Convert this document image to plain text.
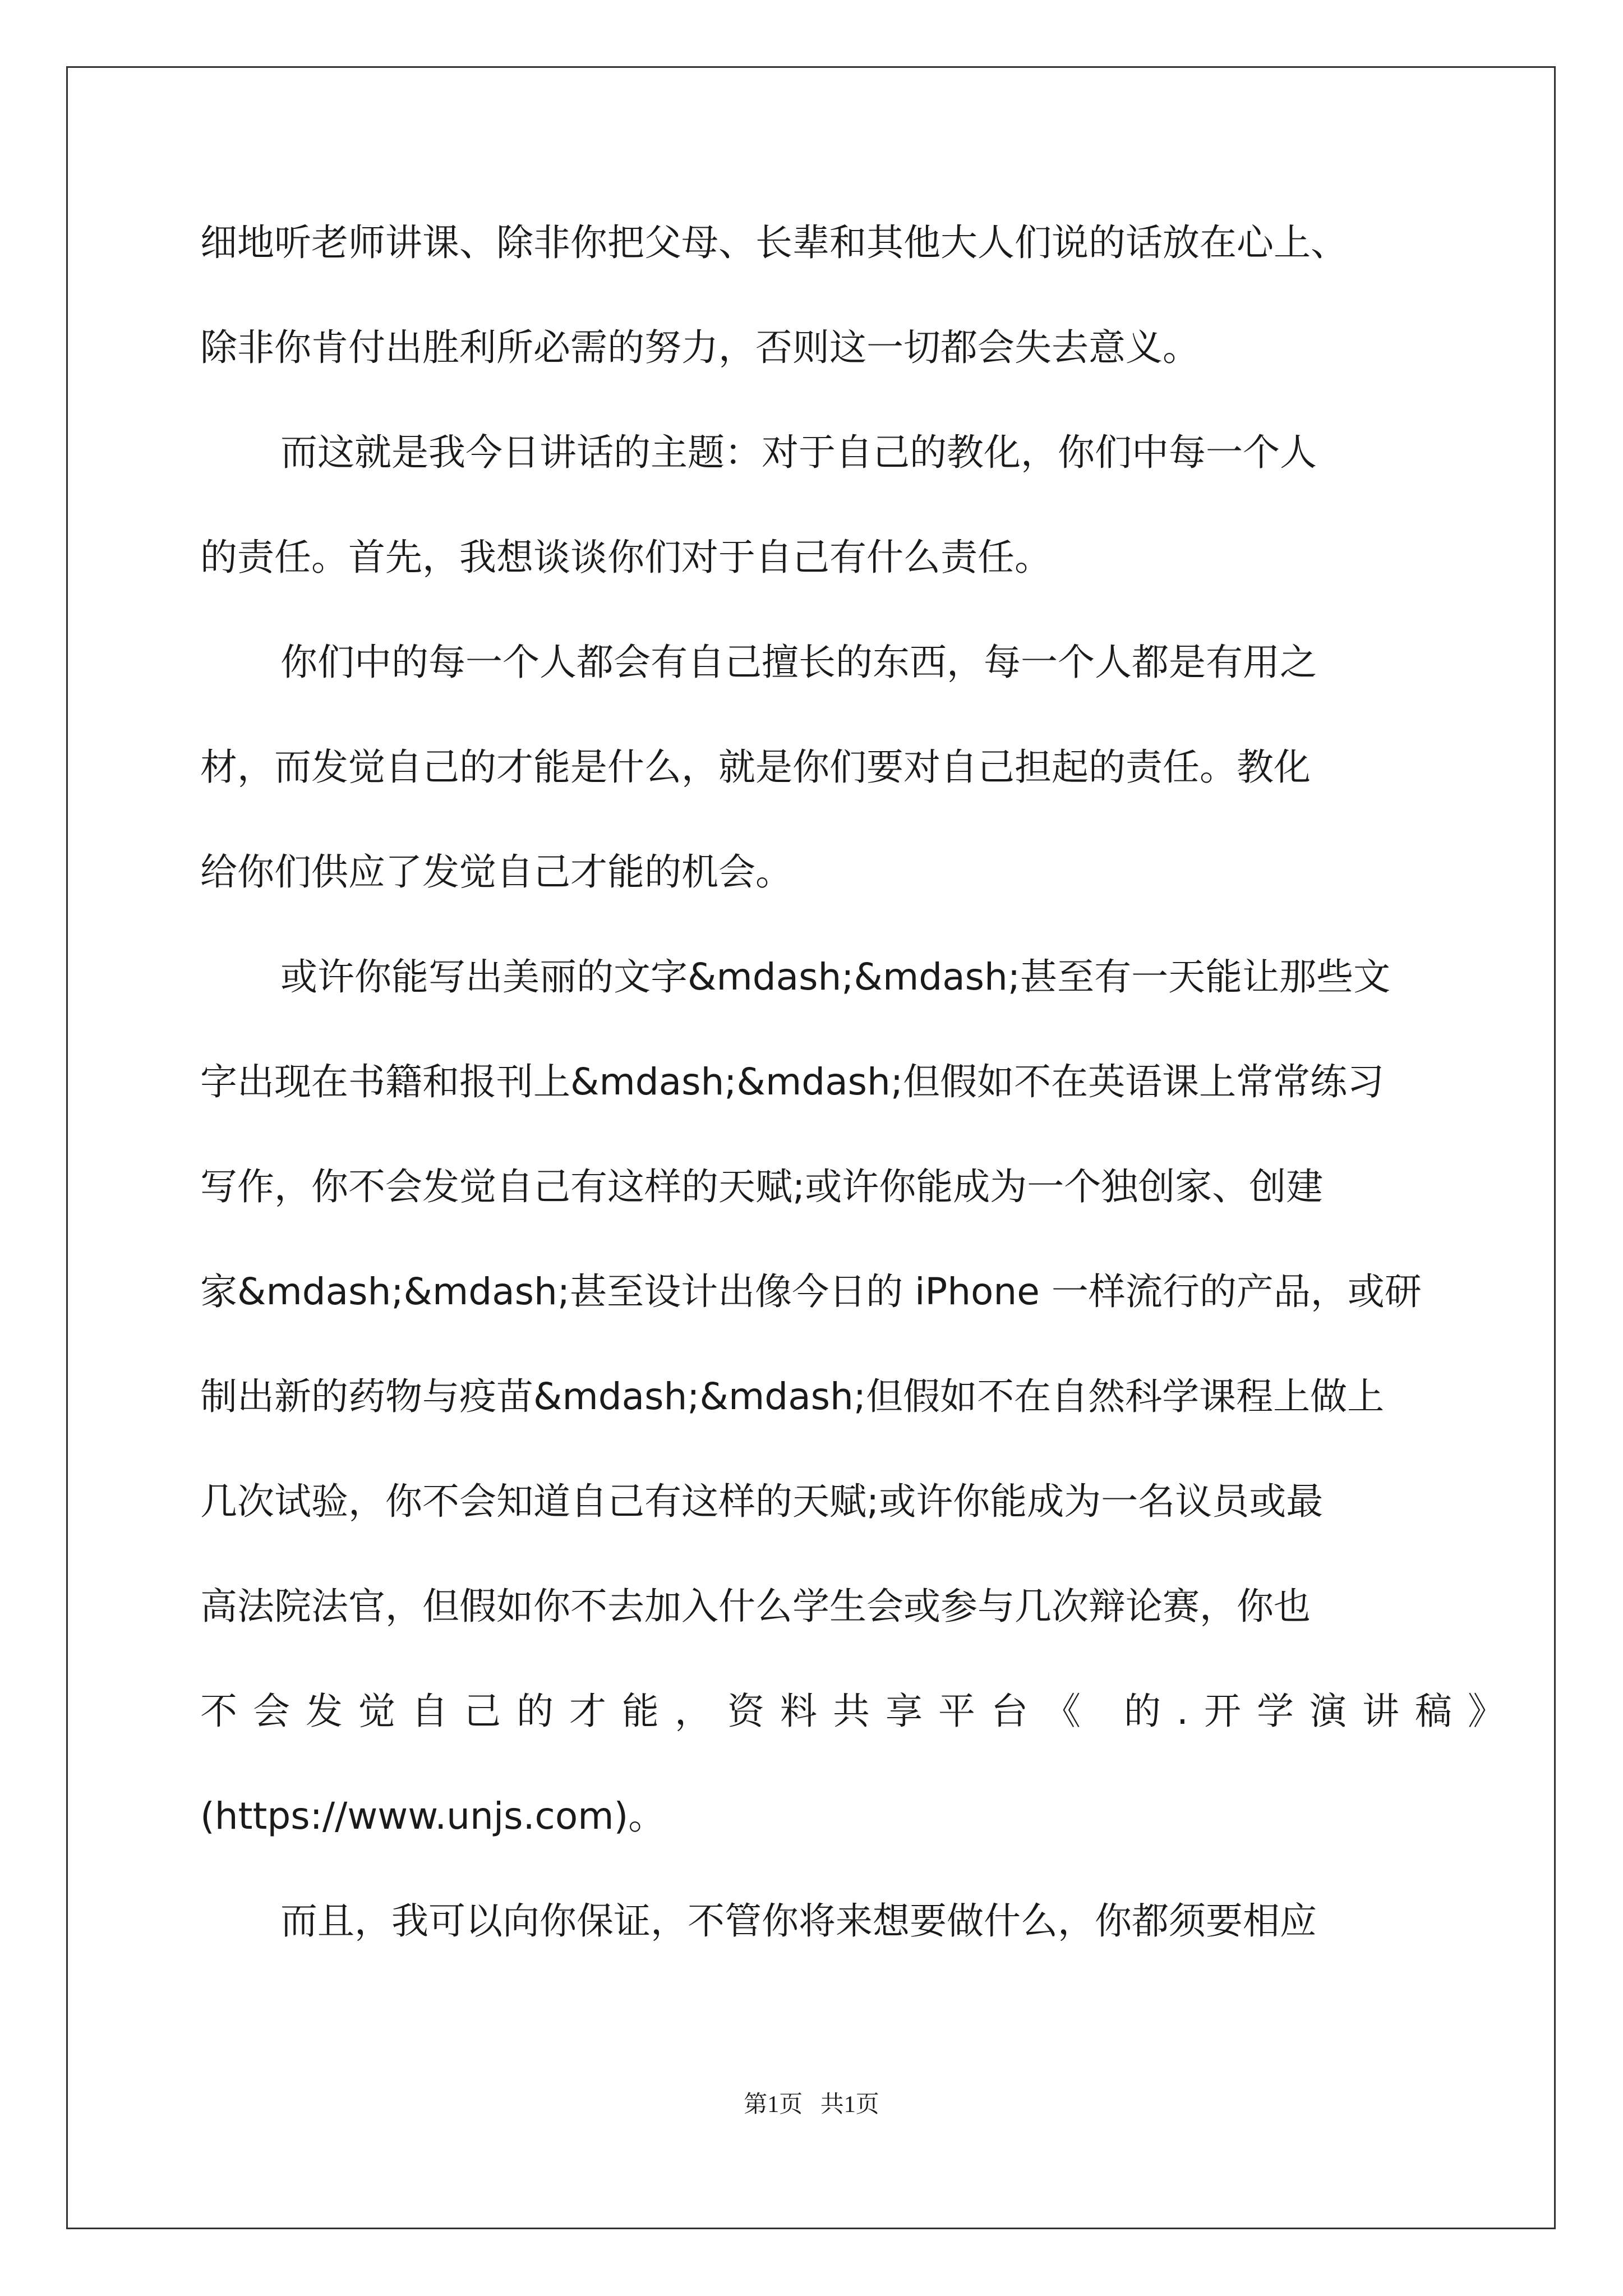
细地听老师讲课、除非你把父母、长辈和其他大人们说的话放在心上、
除非你肯付出胜利所必需的努力，否则这一切都会失去意义。
而这就是我今日讲话的主题：对于自己的教化，你们中每一个人
的责任。首先，我想谈谈你们对于自己有什么责任。
你们中的每一个人都会有自己擅长的东西，每一个人都是有用之
材，而发觉自己的才能是什么，就是你们要对自己担起的责任。教化
给你们供应了发觉自己才能的机会。
或许你能写出美丽的文字&mdash;&mdash;甚至有一天能让那些文
字出现在书籍和报刊上&mdash;&mdash;但假如不在英语课上常常练习
写作，你不会发觉自己有这样的天赋;或许你能成为一个独创家、创建
家&mdash;&mdash;甚至设计出像今日的 iPhone 一样流行的产品，或研
制出新的药物与疫苗&mdash;&mdash;但假如不在自然科学课程上做上
几次试验，你不会知道自己有这样的天赋;或许你能成为一名议员或最
高法院法官，但假如你不去加入什么学生会或参与几次辩论赛，你也
不会发觉自己的才能，资料共享平台《 的.开学演讲稿》
(https://www.unjs.com)。
而且，我可以向你保证，不管你将来想要做什么，你都须要相应
第1页   共1页
